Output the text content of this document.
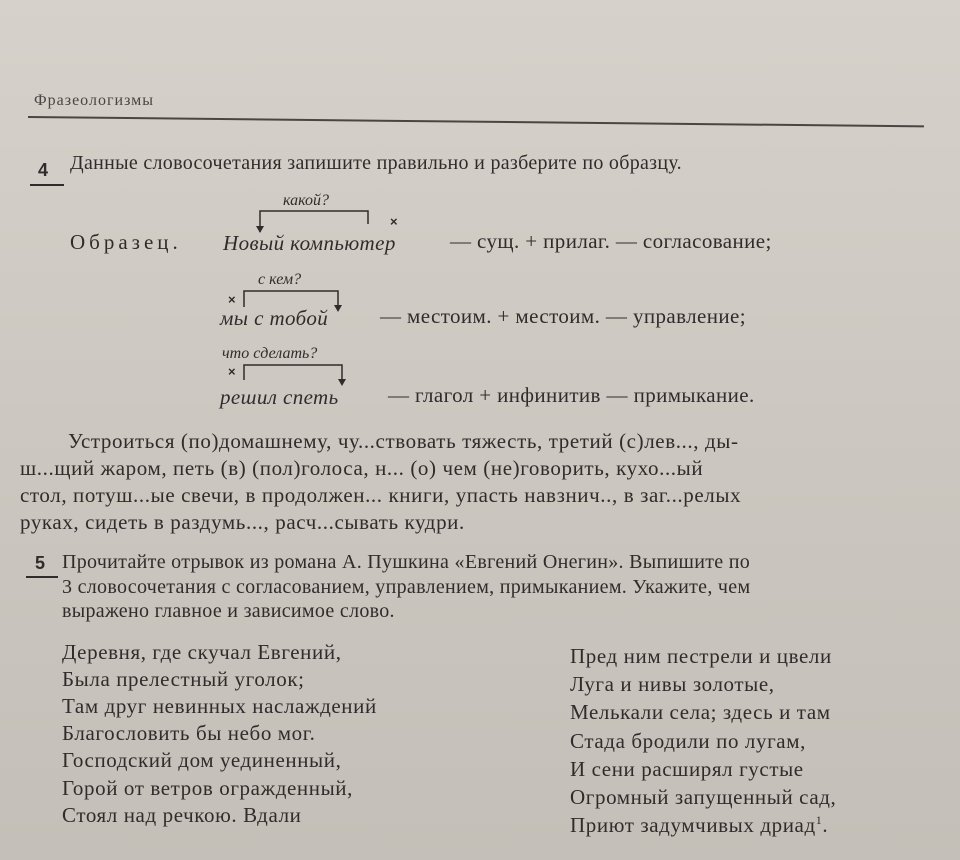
Фразеологизмы
4 Данные словосочетания запишите правильно и разберите по образцу.
какой?
×
Образец. Новый компьютер	— сущ. + прилаг. — согласование;
с кем?
×
мы с тобой — местоим. + местоим. — управление;
что сделать?
×
решил спеть — глагол + инфинитив — примыкание.
Устроиться (по)домашнему, чу...ствовать тяжесть, третий (с)лев..., ды-
ш...щий жаром, петь (в) (пол)голоса, н... (о) чем (не)говорить, кухо...ый
стол, потуш...ые свечи, в продолжен... книги, упасть навзнич.., в заг...релых
руках, сидеть в раздумь..., расч...сывать кудри.
5 Прочитайте отрывок из романа А. Пушкина «Евгений Онегин». Выпишите по
3 словосочетания с согласованием, управлением, примыканием. Укажите, чем
выражено главное и зависимое слово.
Деревня, где скучал Евгений,
Была прелестный уголок;
Там друг невинных наслаждений
Благословить бы небо мог.
Господский дом уединенный,
Горой от ветров огражденный,
Стоял над речкою. Вдали
Пред ним пестрели и цвели
Луга и нивы золотые,
Мелькали села; здесь и там
Стада бродили по лугам,
И сени расширял густые
Огромный запущенный сад,
Приют задумчивых дриад$^1$.
